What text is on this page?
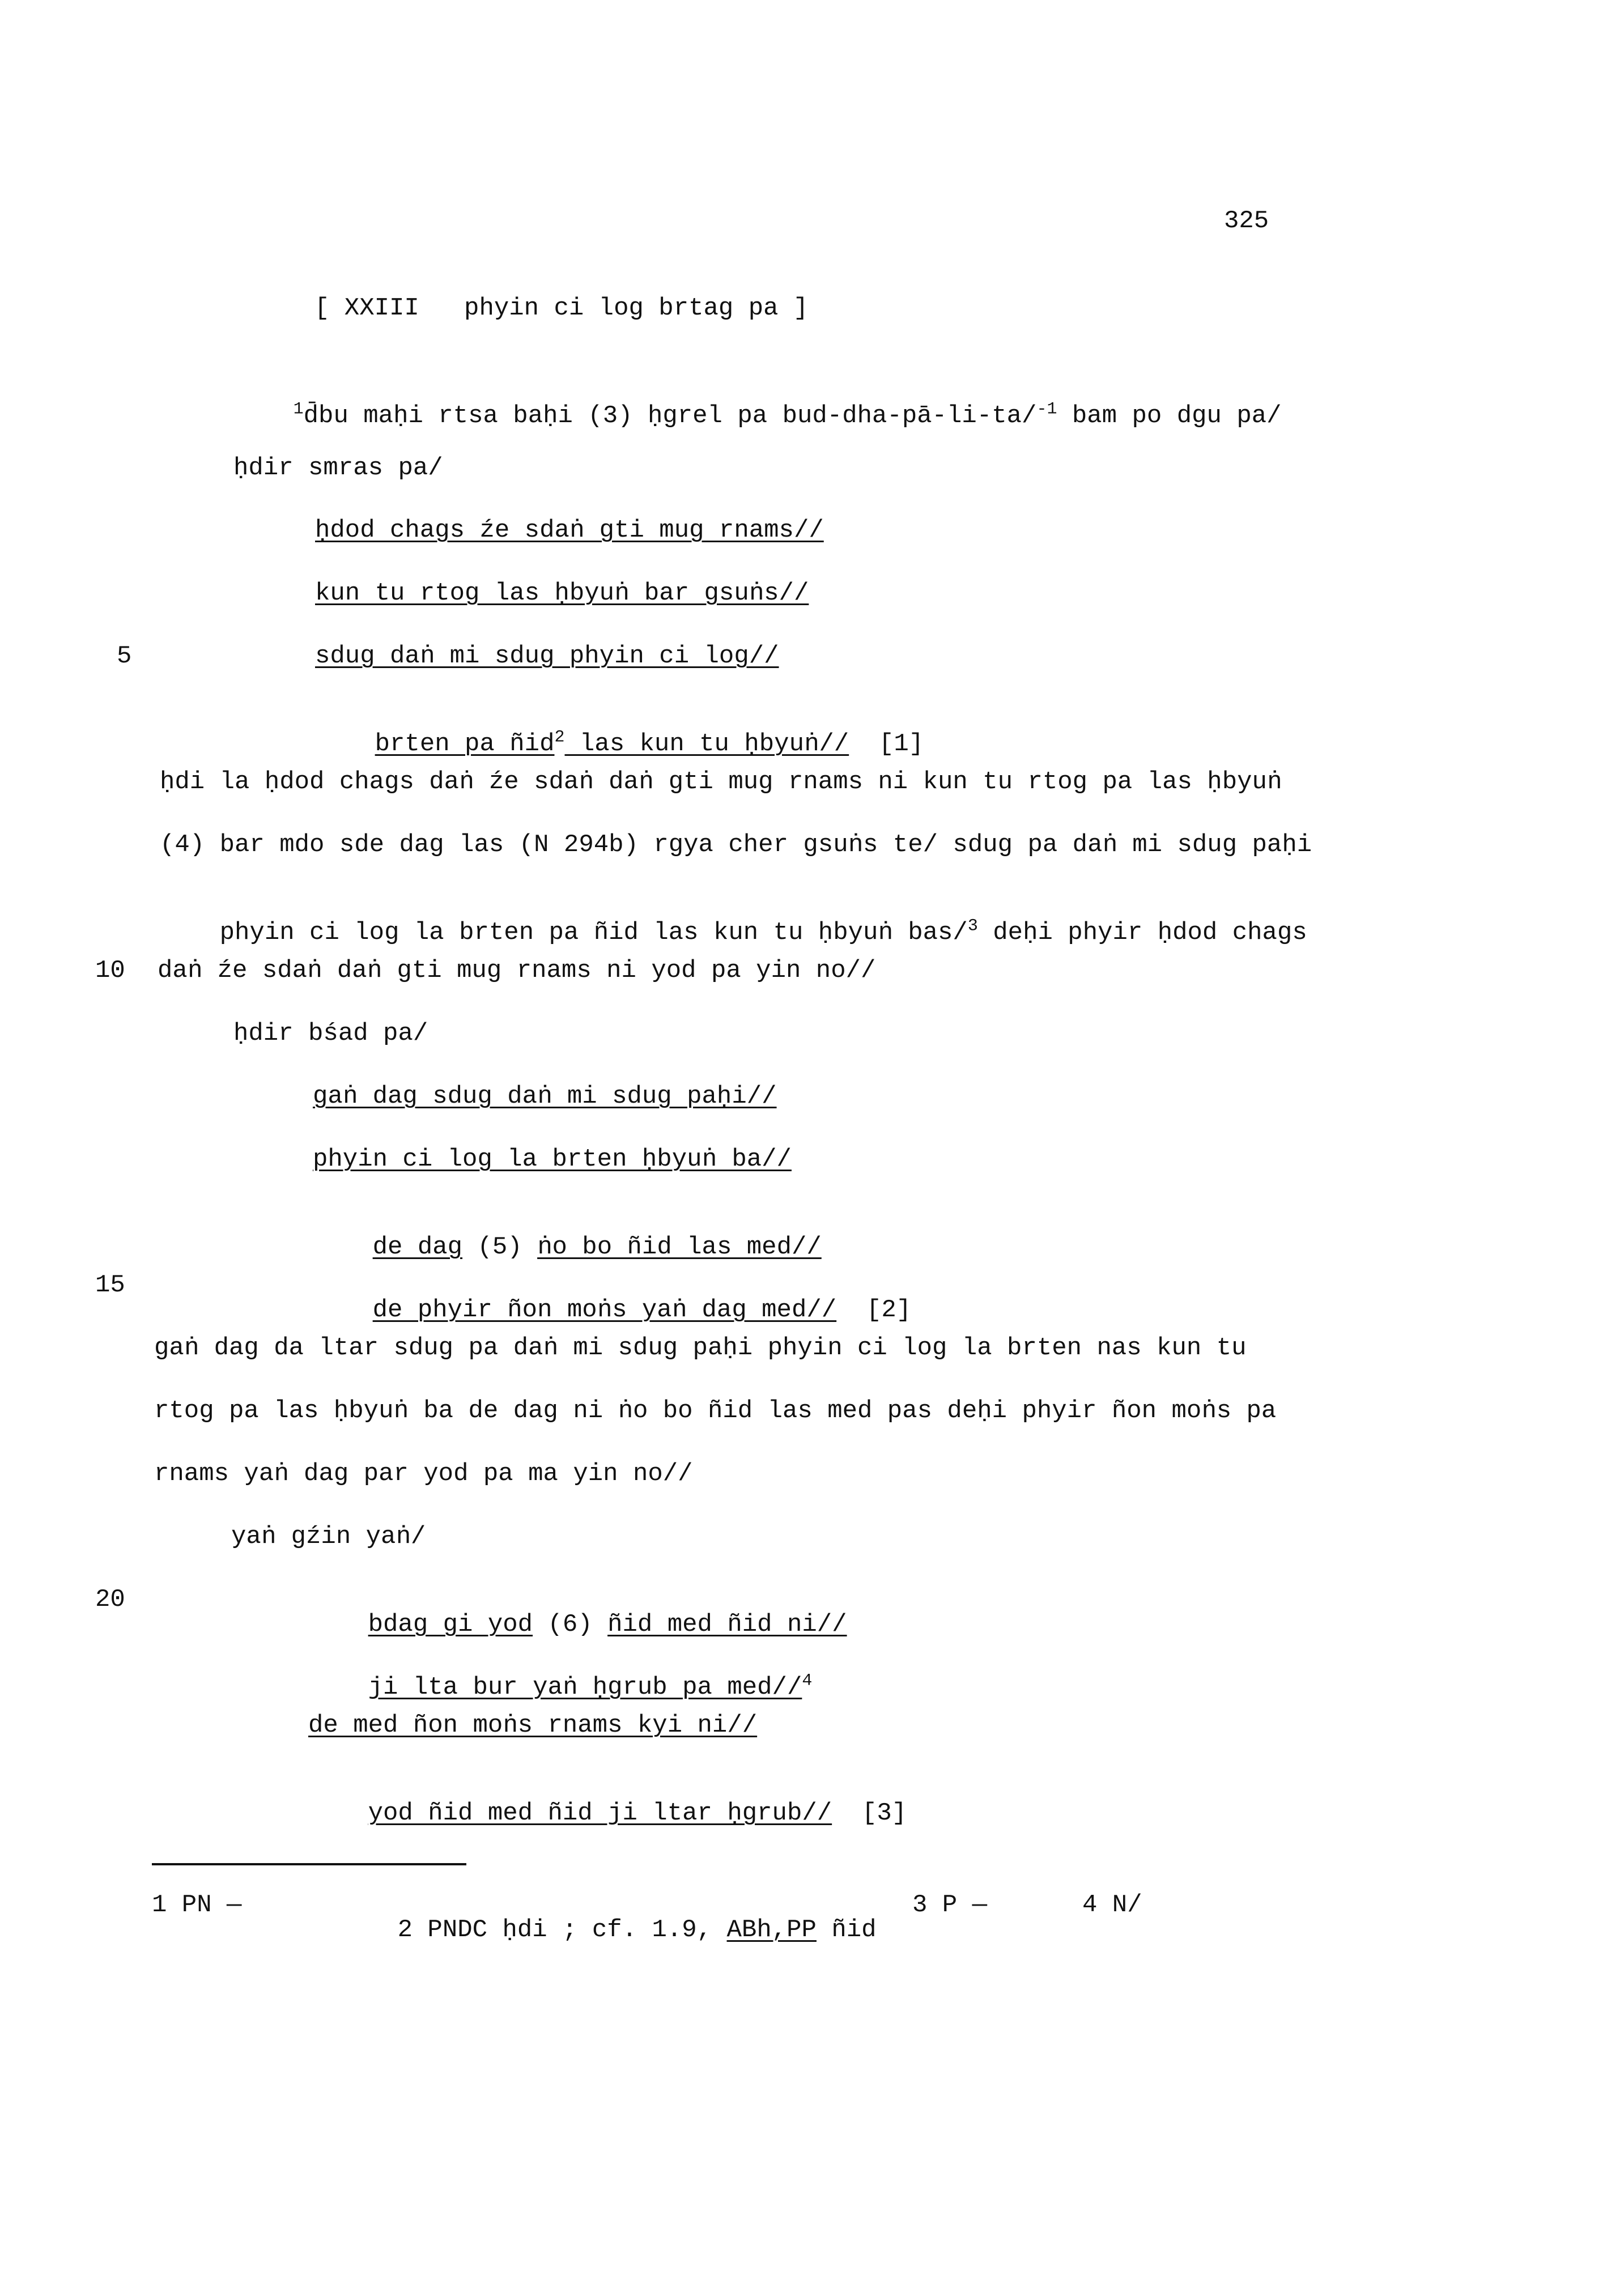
325
[ XXIII   phyin ci log brtag pa ]

$^1$d̄bu maḥi rtsa baḥi (3) ḥgrel pa bud-dha-pā-li-ta/$^{-1}$ bam po dgu pa/

ḥdir smras pa/
ḥdod chags źe sdaṅ gti mug rnams//
kun tu rtog las ḥbyuṅ bar gsuṅs//
sdug daṅ mi sdug phyin ci log//

brten pa ñid$^2$ las kun tu ḥbyuṅ// [1]

ḥdi la ḥdod chags daṅ źe sdaṅ daṅ gti mug rnams ni kun tu rtog pa las ḥbyuṅ
(4) bar mdo sde dag las (N 294b) rgya cher gsuṅs te/ sdug pa daṅ mi sdug paḥi

phyin ci log la brten pa ñid las kun tu ḥbyuṅ bas/$^3$ deḥi phyir ḥdod chags

daṅ źe sdaṅ daṅ gti mug rnams ni yod pa yin no//
ḥdir bśad pa/
gaṅ dag sdug daṅ mi sdug paḥi//
phyin ci log la brten ḥbyuṅ ba//

de dag (5) ṅo bo ñid las med//

de phyir ñon moṅs yaṅ dag med// [2]

gaṅ dag da ltar sdug pa daṅ mi sdug paḥi phyin ci log la brten nas kun tu
rtog pa las ḥbyuṅ ba de dag ni ṅo bo ñid las med pas deḥi phyir ñon moṅs pa
rnams yaṅ dag par yod pa ma yin no//
yaṅ gźin yaṅ/

bdag gi yod (6) ñid med ñid ni//

ji lta bur yaṅ ḥgrub pa med//$^4$

de med ñon moṅs rnams kyi ni//

yod ñid med ñid ji ltar ḥgrub// [3]

5
10
15
20
1 PN —

2 PNDC ḥdi ; cf. 1.9, ABh,PP ñid

3 P —	4 N/
